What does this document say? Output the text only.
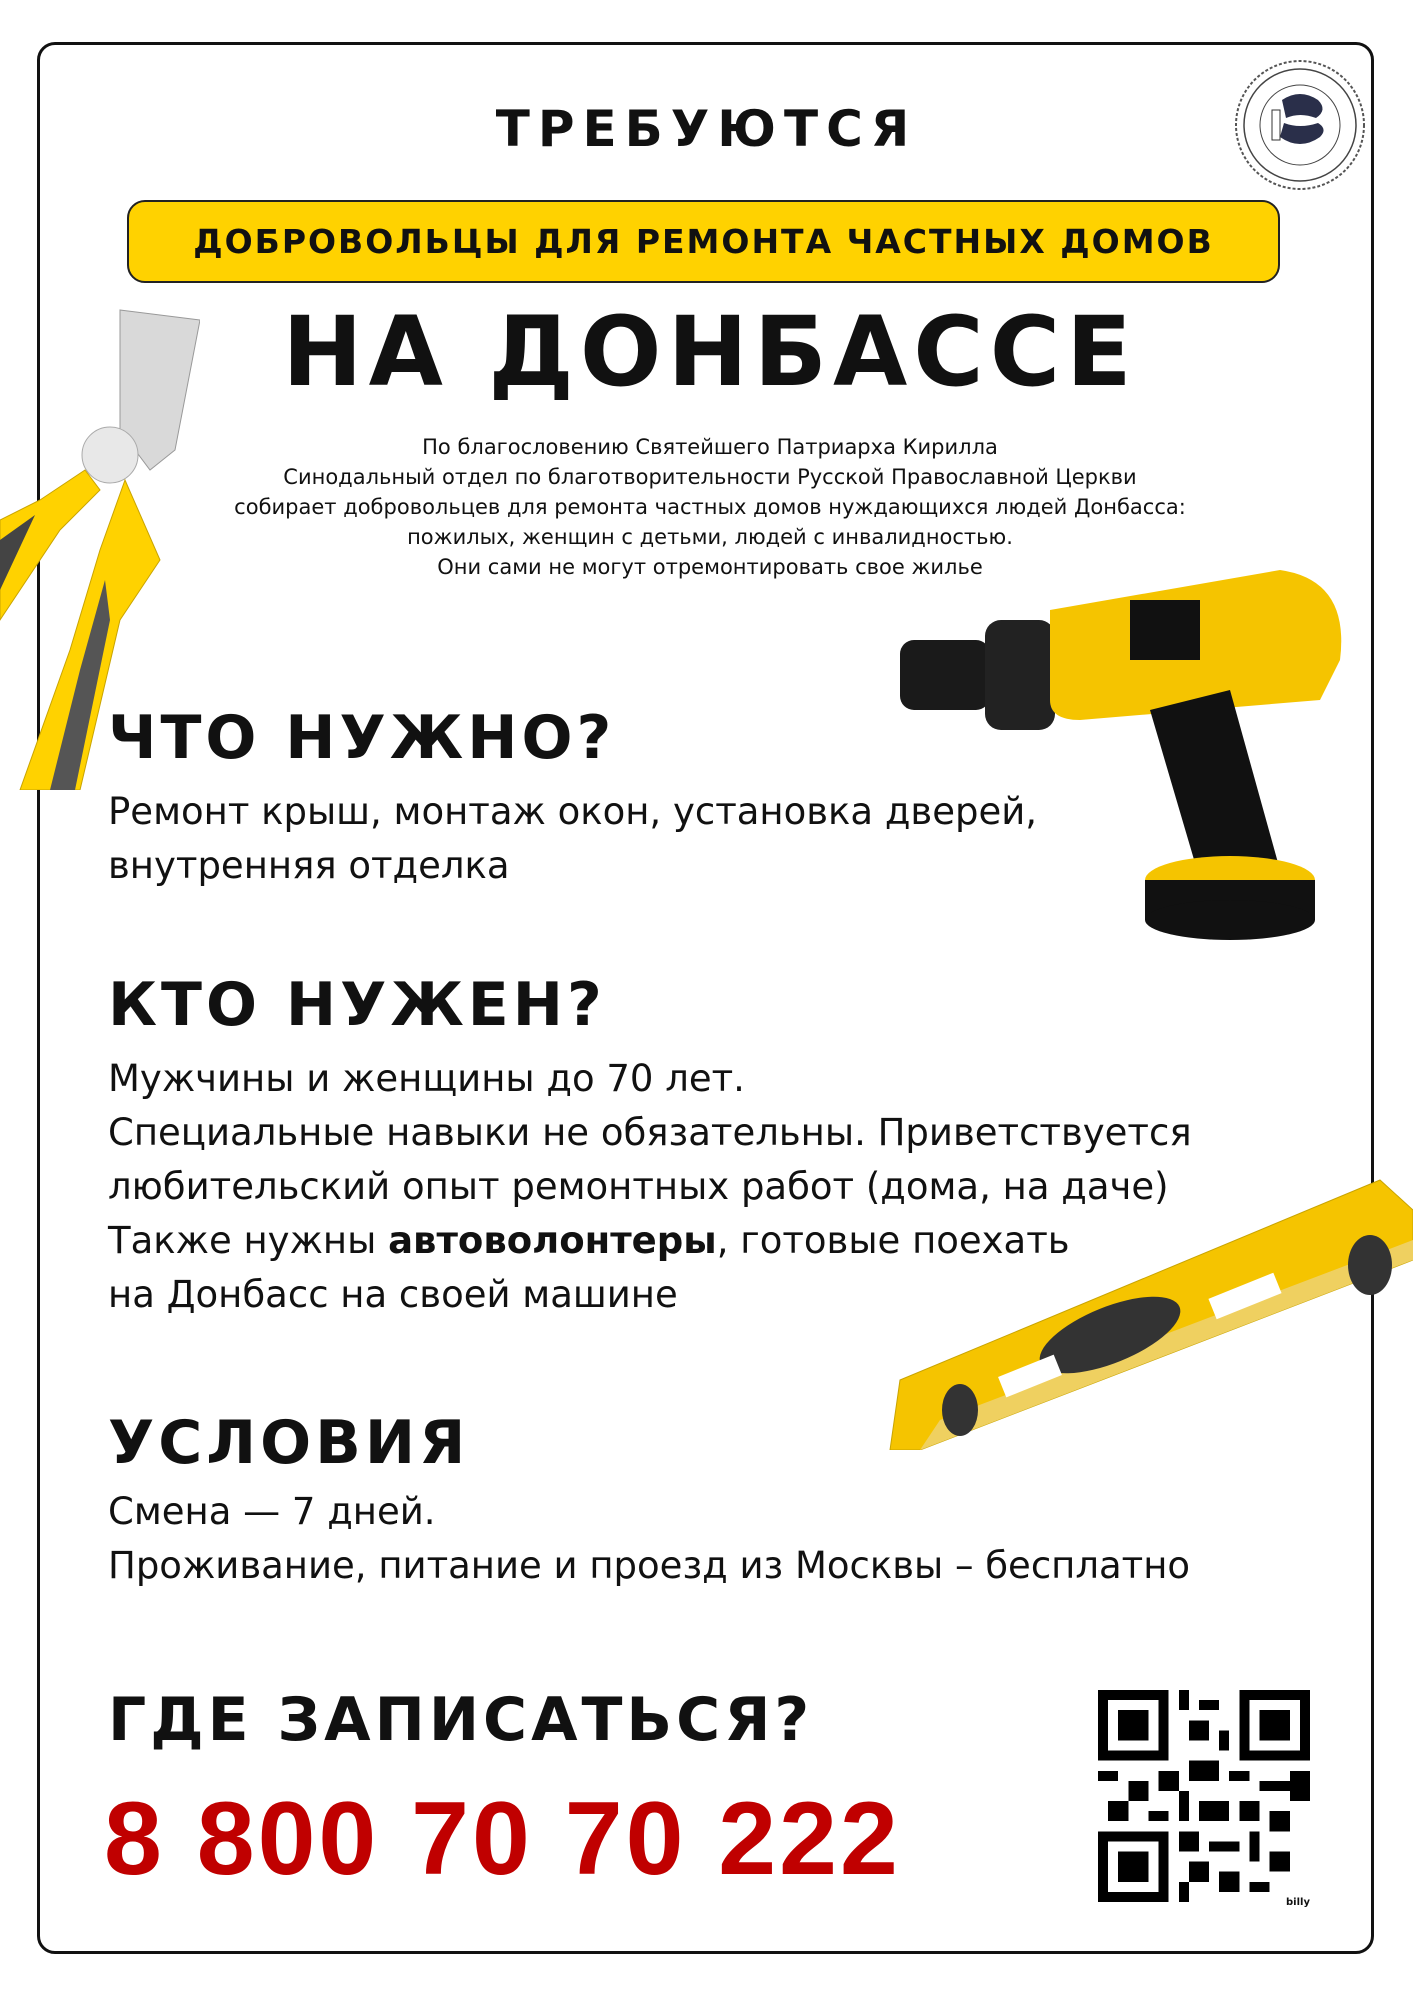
ТРЕБУЮТСЯ
ДОБРОВОЛЬЦЫ ДЛЯ РЕМОНТА ЧАСТНЫХ ДОМОВ
НА ДОНБАССЕ
По благословению Святейшего Патриарха Кирилла
Синодальный отдел по благотворительности Русской Православной Церкви
собирает добровольцев для ремонта частных домов нуждающихся людей Донбасса:
пожилых, женщин с детьми, людей с инвалидностью.
Они сами не могут отремонтировать свое жилье
ЧТО НУЖНО?
Ремонт крыш, монтаж окон, установка дверей,
внутренняя отделка
КТО НУЖЕН?
Мужчины и женщины до 70 лет.
Специальные навыки не обязательны. Приветствуется
любительский опыт ремонтных работ (дома, на даче)
Также нужны автоволонтеры, готовые поехать
на Донбасс на своей машине
УСЛОВИЯ
Смена — 7 дней.
Проживание, питание и проезд из Москвы – бесплатно
ГДЕ ЗАПИСАТЬСЯ?
8 800 70 70 222
billy
